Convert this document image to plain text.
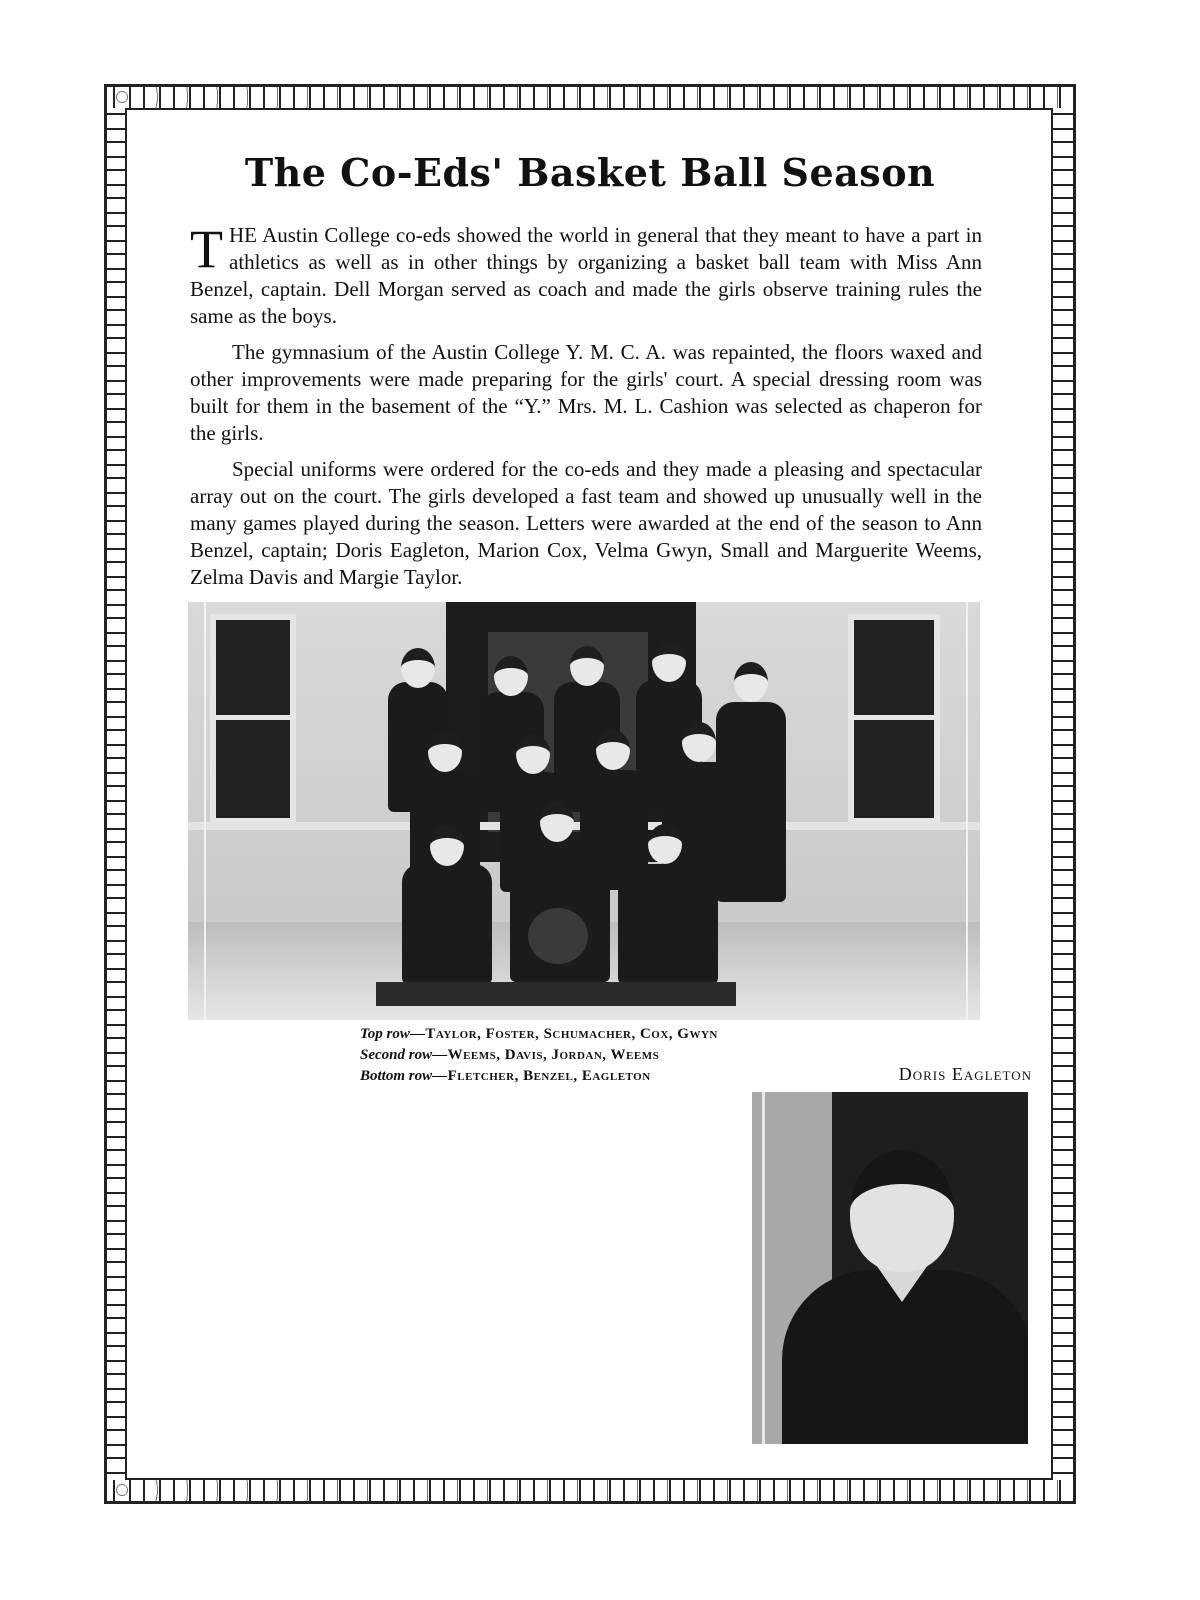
The Co-Eds' Basket Ball Season

THE Austin College co-eds showed the world in general that they meant to have a part in athletics as well as in other things by organizing a basket ball team with Miss Ann Benzel, captain. Dell Morgan served as coach and made the girls observe training rules the same as the boys.

The gymnasium of the Austin College Y. M. C. A. was repainted, the floors waxed and other improvements were made preparing for the girls' court. A special dressing room was built for them in the basement of the “Y.” Mrs. M. L. Cashion was selected as chaperon for the girls.

Special uniforms were ordered for the co-eds and they made a pleasing and spectacular array out on the court. The girls developed a fast team and showed up unusually well in the many games played during the season. Letters were awarded at the end of the season to Ann Benzel, captain; Doris Eagleton, Marion Cox, Velma Gwyn, Small and Marguerite Weems, Zelma Davis and Margie Taylor.

Top row—Taylor, Foster, Schumacher, Cox, Gwyn
Second row—Weems, Davis, Jordan, Weems
Bottom row—Fletcher, Benzel, Eagleton	Doris Eagleton
